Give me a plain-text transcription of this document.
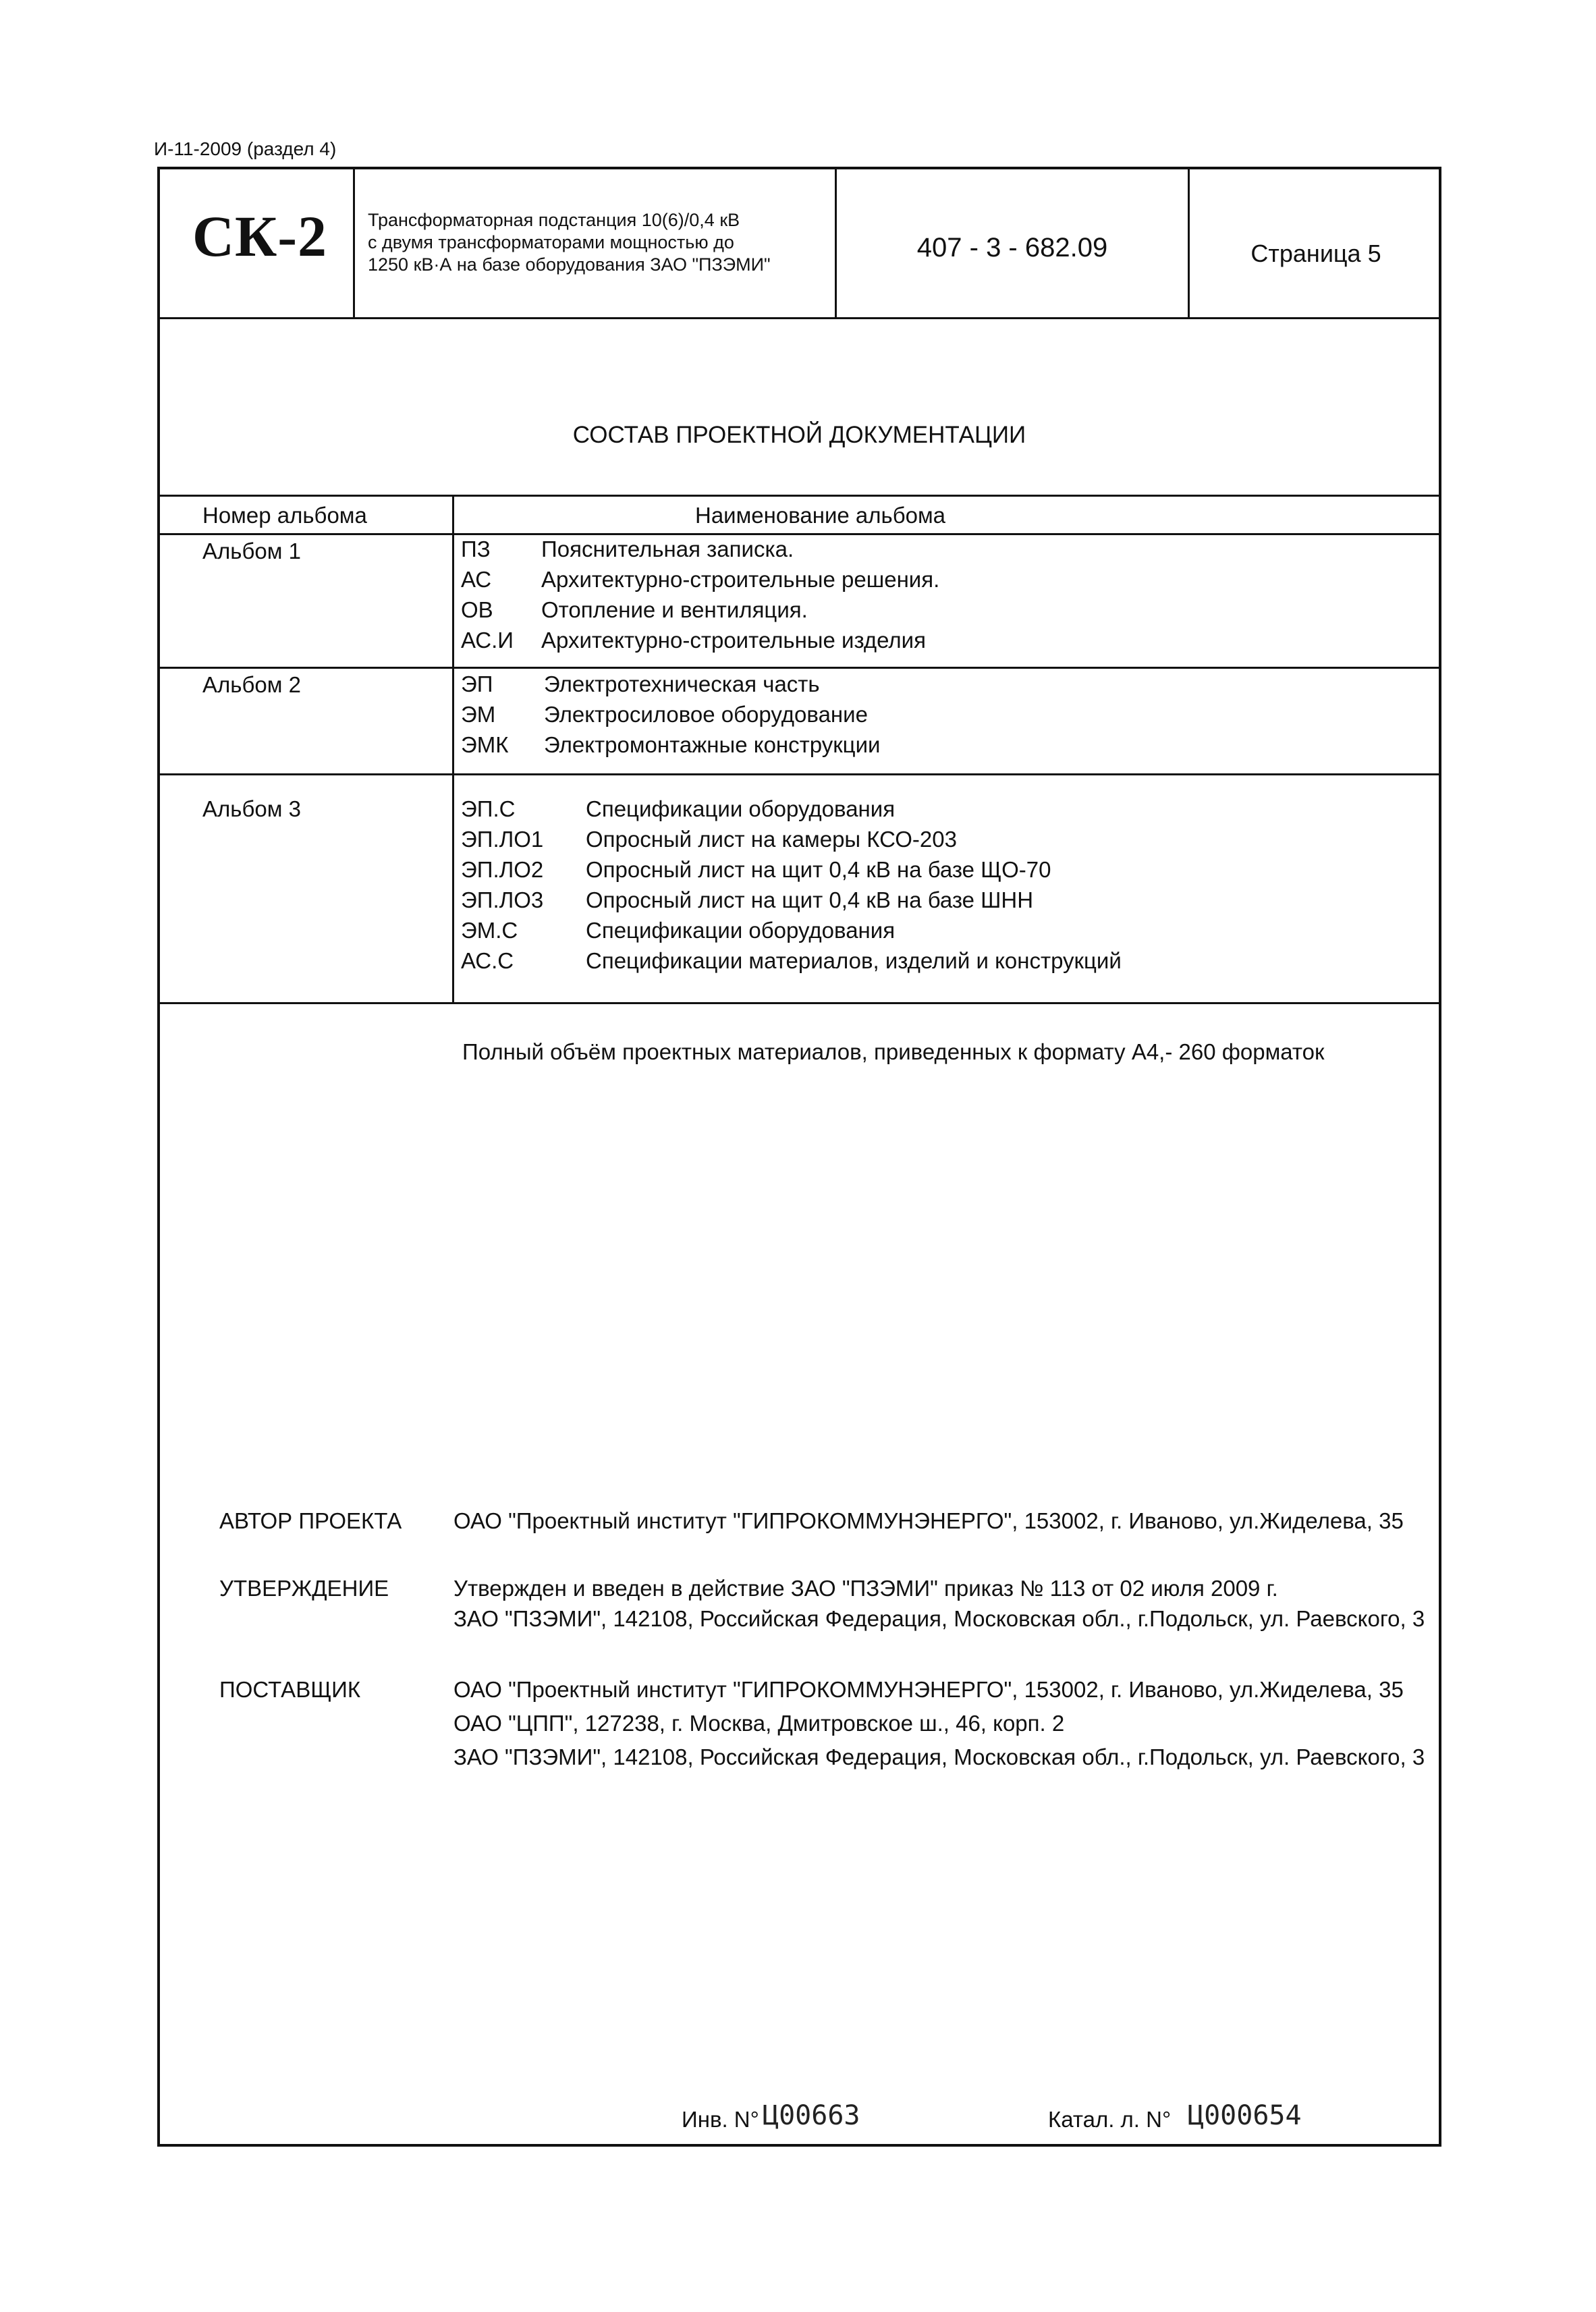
И-11-2009 (раздел 4)
СК-2	Трансформаторная подстанция 10(6)/0,4 кВ
с двумя трансформаторами мощностью до
1250 кВ·А на базе оборудования ЗАО "ПЗЭМИ"
407 - 3 - 682.09	Страница 5
СОСТАВ ПРОЕКТНОЙ ДОКУМЕНТАЦИИ
Номер альбома	Наименование альбома
Альбом 1	ПЗ Пояснительная записка.
АС Архитектурно-строительные решения.
ОВ Отопление и вентиляция.
АС.И Архитектурно-строительные изделия
Альбом 2	ЭП Электротехническая часть
ЭМ Электросиловое оборудование
ЭМК Электромонтажные конструкции
Альбом 3	ЭП.С	Спецификации оборудования
ЭП.ЛО1 Опросный лист на камеры КСО-203
ЭП.ЛО2 Опросный лист на щит 0,4 кВ на базе ЩО-70
ЭП.ЛО3 Опросный лист на щит 0,4 кВ на базе ШНН
ЭМ.С	Спецификации оборудования
АС.С	Спецификации материалов, изделий и конструкций
Полный объём проектных материалов, приведенных к формату А4,- 260 форматок
АВТОР ПРОЕКТА ОАО "Проектный институт "ГИПРОКОММУНЭНЕРГО", 153002, г. Иваново, ул.Жиделева, 35
УТВЕРЖДЕНИЕ	Утвержден и введен в действие ЗАО "ПЗЭМИ" приказ № 113 от 02 июля 2009 г.
ЗАО "ПЗЭМИ", 142108, Российская Федерация, Московская обл., г.Подольск, ул. Раевского, 3
ПОСТАВЩИК	ОАО "Проектный институт "ГИПРОКОММУНЭНЕРГО", 153002, г. Иваново, ул.Жиделева, 35
ОАО "ЦПП", 127238, г. Москва, Дмитровское ш., 46, корп. 2
ЗАО "ПЗЭМИ", 142108, Российская Федерация, Московская обл., г.Подольск, ул. Раевского, 3
Инв. N° Ц00663	Катал. л. N° Ц000654
